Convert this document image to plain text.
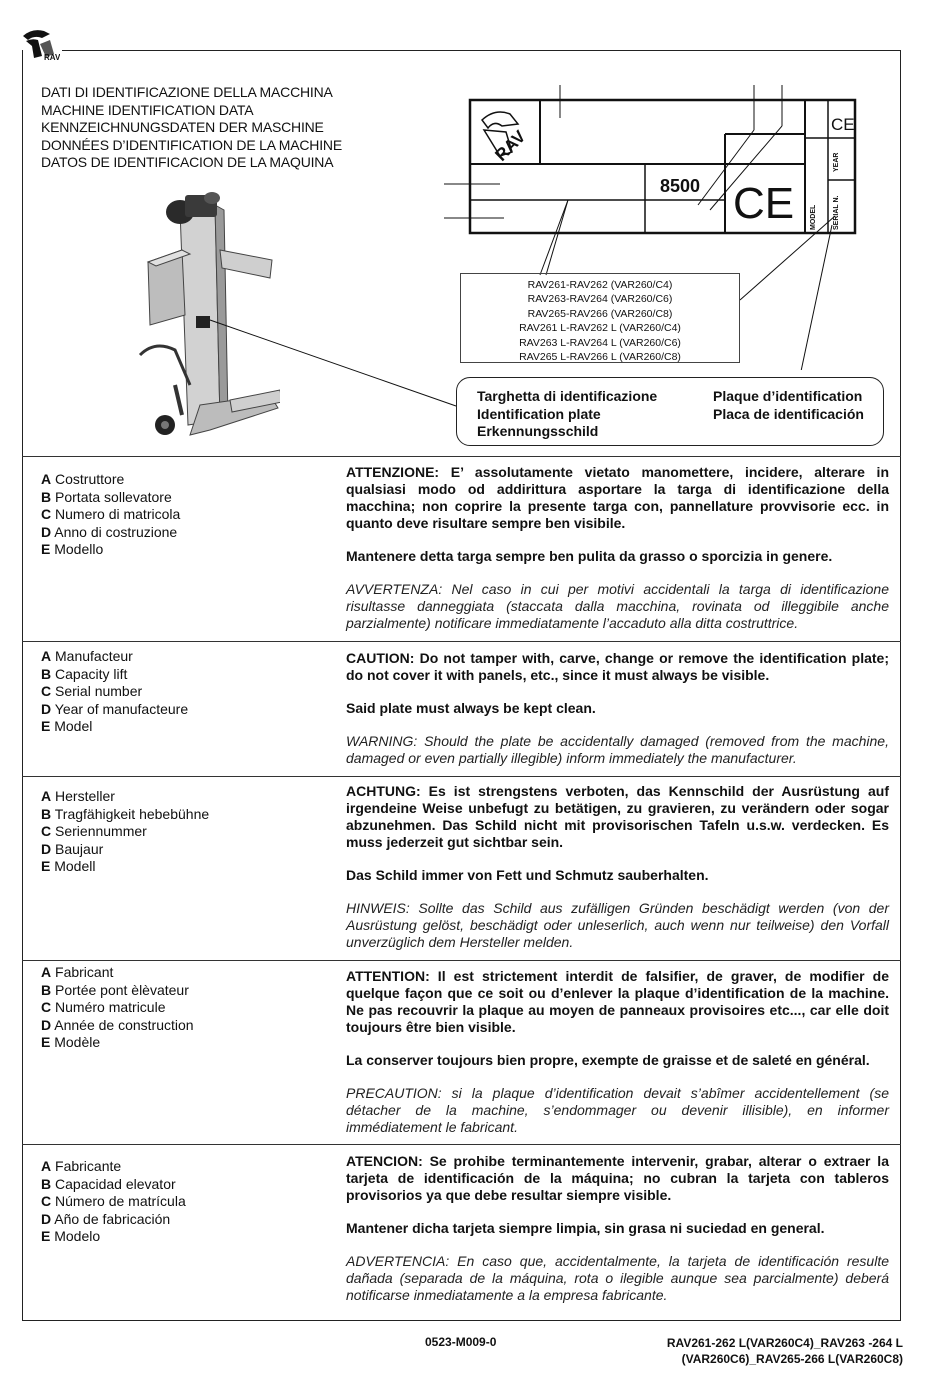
RAV
DATI DI IDENTIFICAZIONE DELLA MACCHINA
MACHINE IDENTIFICATION DATA
KENNZEICHNUNGSDATEN DER MASCHINE
DONNÉES D’IDENTIFICATION DE LA MACHINE
DATOS DE IDENTIFICACION DE LA MAQUINA	RAV
8500 CE
CE
MODEL SERIAL N.
YEAR
RAV261-RAV262 (VAR260/C4)
RAV263-RAV264 (VAR260/C6)
RAV265-RAV266 (VAR260/C8)
RAV261 L-RAV262 L (VAR260/C4)
RAV263 L-RAV264 L (VAR260/C6)
RAV265 L-RAV266 L (VAR260/C8)
Targhetta di identificazione
Identification plate
Erkennungsschild
Plaque d’identification
Placa de identificación
A Costruttore
B Portata sollevatore
C Numero di matricola
D Anno di costruzione
E Modello

ATTENZIONE: E’ assolutamente vietato manomettere, incidere, alterare in qualsiasi modo od addirittura asportare la targa di identificazione della macchina; non coprire la presente targa con, pannellature provvisorie ecc. in quanto deve risultare sempre ben visibile.

Mantenere detta targa sempre ben pulita da grasso o sporcizia in genere.

AVVERTENZA: Nel caso in cui per motivi accidentali la targa di identificazione risultasse danneggiata (staccata dalla macchina, rovinata od illeggibile anche parzialmente) notificare immediatamente l’accaduto alla ditta costruttrice.

A Manufacteur
B Capacity lift
C Serial number
D Year of manufacteure
E Model

CAUTION: Do not tamper with, carve, change or remove the identification plate; do not cover it with panels, etc., since it must always be visible.

Said plate must always be kept clean.

WARNING: Should the plate be accidentally damaged (removed from the machine, damaged or even partially illegible) inform immediately the manufacturer.

A Hersteller
B Tragfähigkeit hebebühne
C Seriennummer
D Baujaur
E Modell

ACHTUNG: Es ist strengstens verboten, das Kennschild der Ausrüstung auf irgendeine Weise unbefugt zu betätigen, zu gravieren, zu verändern oder sogar abzunehmen. Das Schild nicht mit provisorischen Tafeln u.s.w. verdecken. Es muss jederzeit gut sichtbar sein.

Das Schild immer von Fett und Schmutz sauberhalten.

HINWEIS: Sollte das Schild aus zufälligen Gründen beschädigt werden (von der Ausrüstung gelöst, beschädigt oder unleserlich, auch wenn nur teilweise) den Vorfall unverzüglich dem Hersteller melden.

A Fabricant
B Portée pont èlèvateur
C Numéro matricule
D Année de construction
E Modèle

ATTENTION: Il est strictement interdit de falsifier, de graver, de modifier de quelque façon que ce soit ou d’enlever la plaque d’identification de la machine. Ne pas recouvrir la plaque au moyen de panneaux provisoires etc..., car elle doit toujours être bien visible.

La conserver toujours bien propre, exempte de graisse et de saleté en général.

PRECAUTION: si la plaque d’identification devait s’abîmer accidentellement (se détacher de la machine, s’endommager ou devenir illisible), en informer immédiatement le fabricant.

A Fabricante
B Capacidad elevator
C Número de matrícula
D Año de fabricación
E Modelo

ATENCION: Se prohibe terminantemente intervenir, grabar, alterar o extraer la tarjeta de identificación de la máquina; no cubran la tarjeta con tableros provisorios ya que debe resultar siempre visible.

Mantener dicha tarjeta siempre limpia, sin grasa ni suciedad en general.

ADVERTENCIA: En caso que, accidentalmente, la tarjeta de identificación resulte dañada (separada de la máquina, rota o ilegible aunque sea parcialmente) deberá notificarse inmediatamente a la empresa fabricante.

0523-M009-0	RAV261-262 L(VAR260C4)_RAV263 -264 L
(VAR260C6)_RAV265-266 L(VAR260C8)
